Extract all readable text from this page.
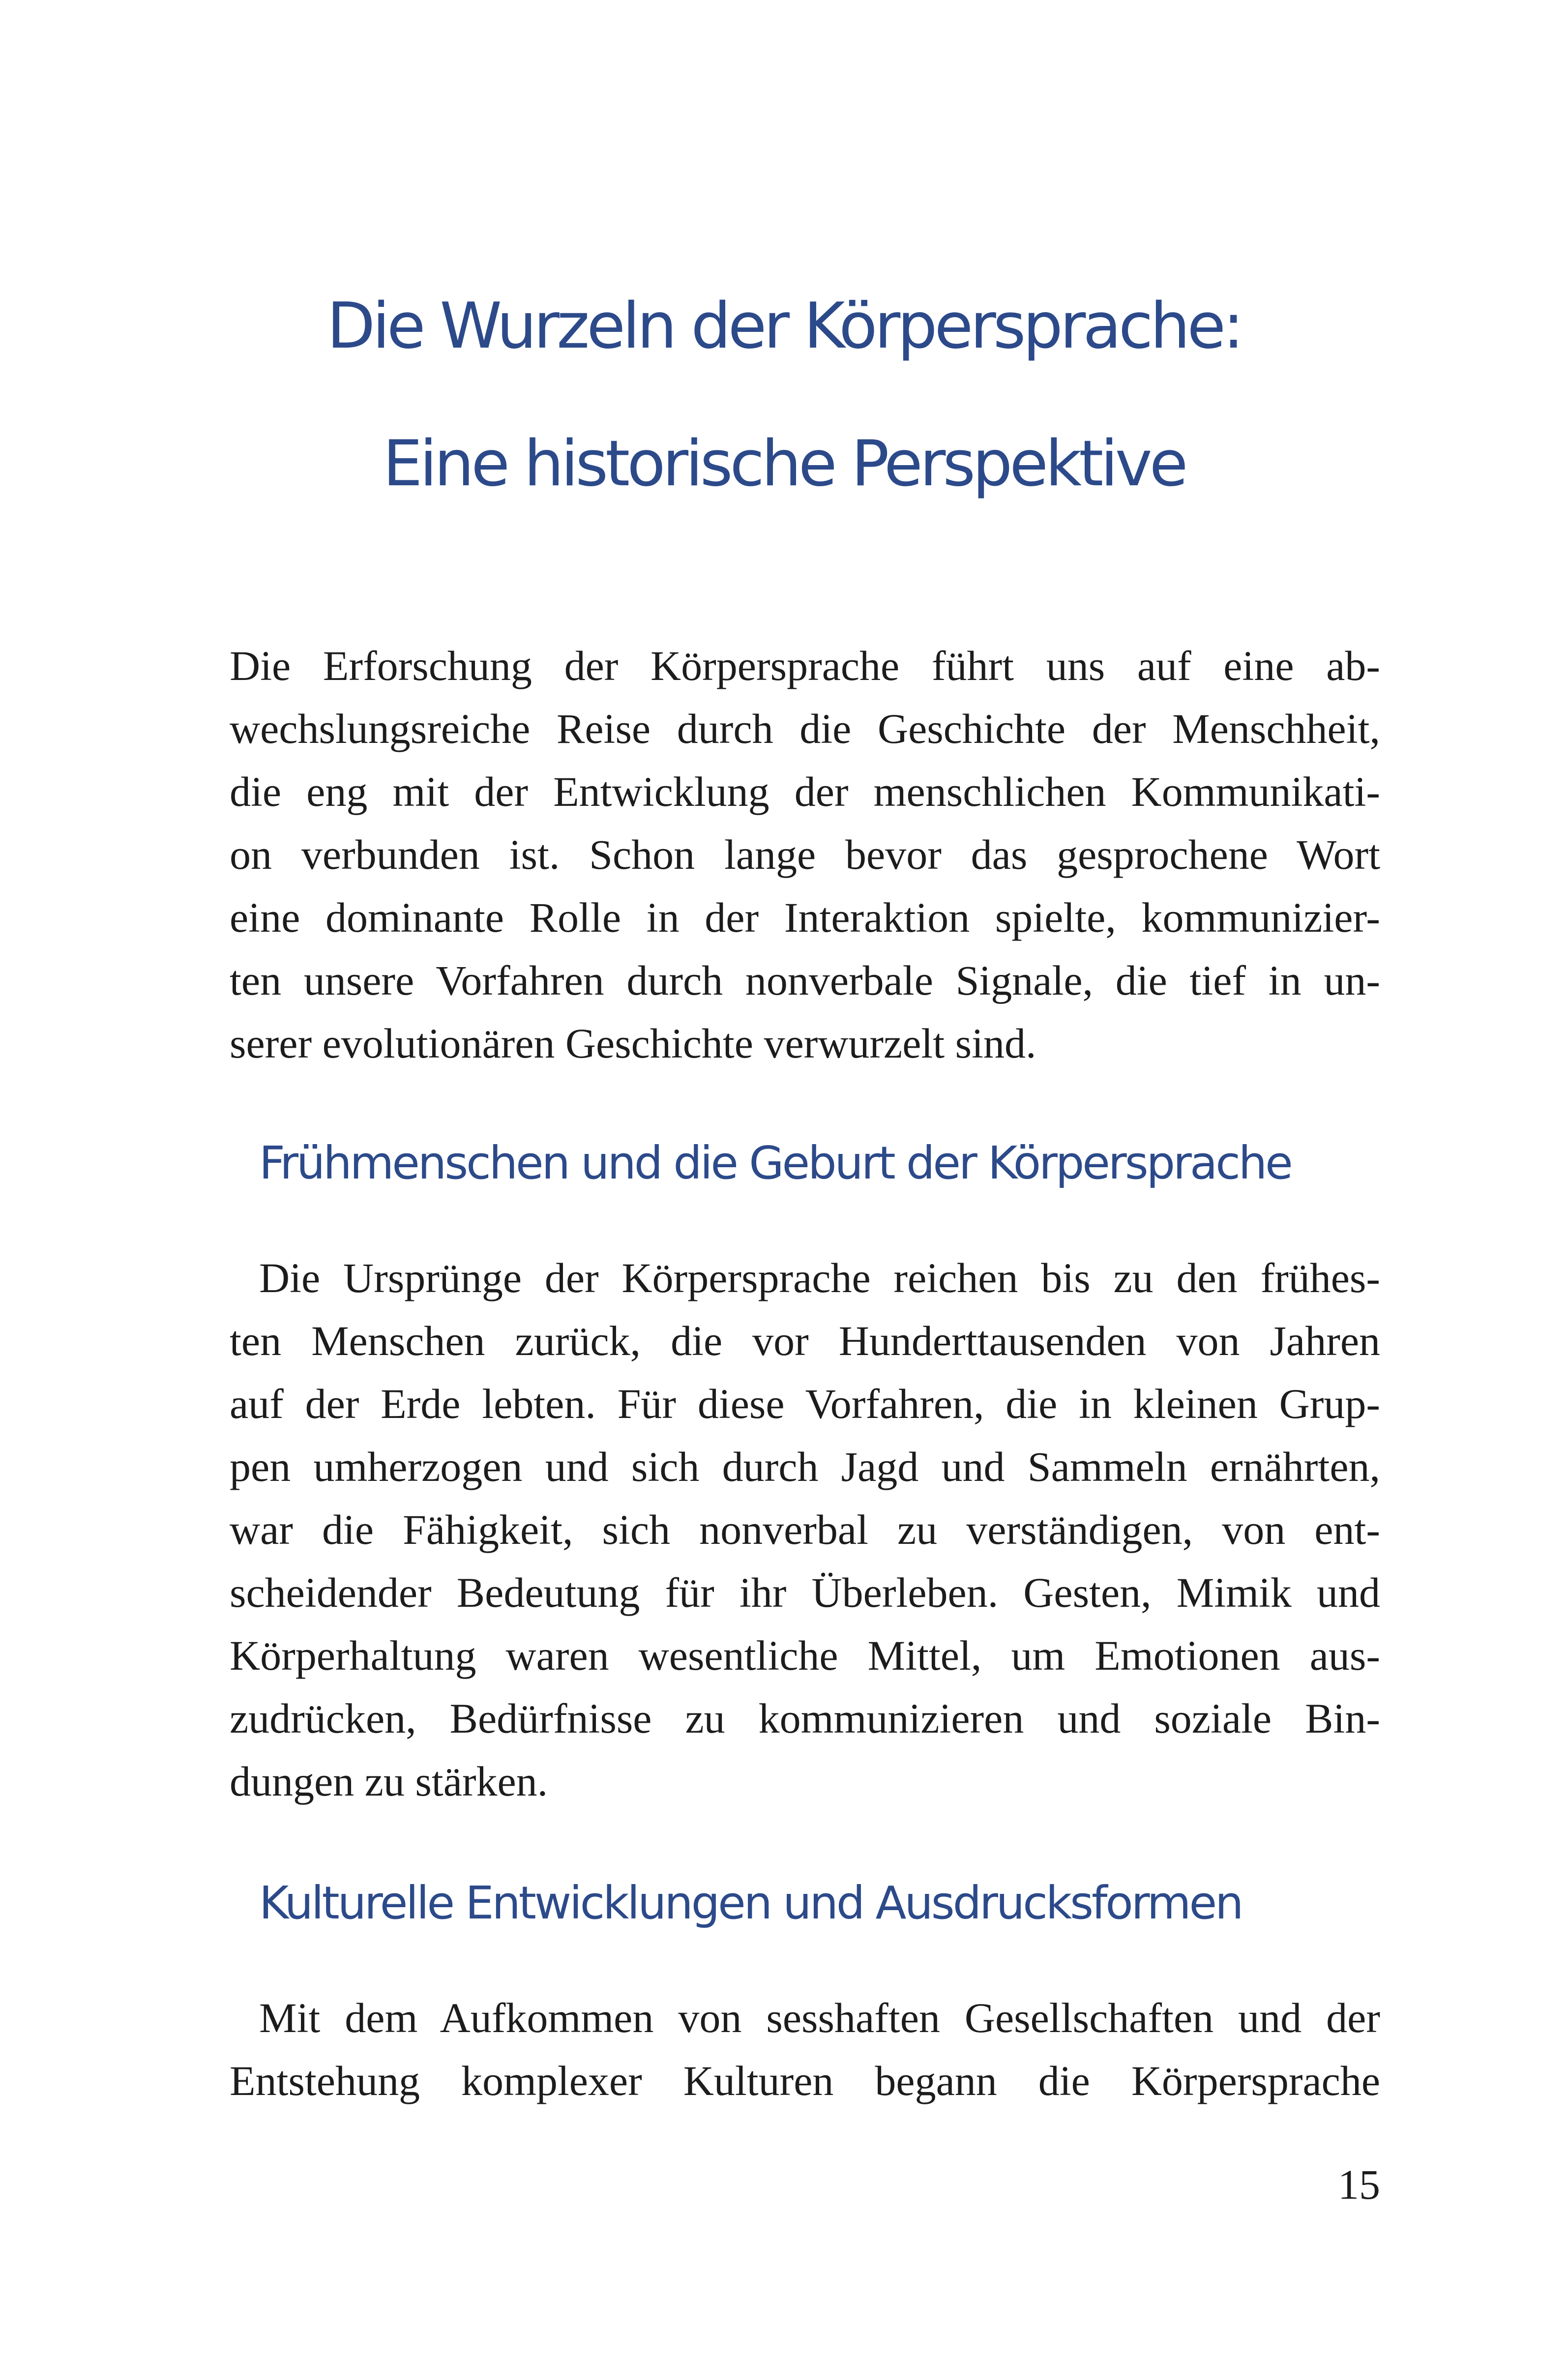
Die Wurzeln der Körpersprache:
Eine historische Perspektive
Die Erforschung der Körpersprache führt uns auf eine ab-
wechslungsreiche Reise durch die Geschichte der Menschheit,
die eng mit der Entwicklung der menschlichen Kommunikati-
on verbunden ist. Schon lange bevor das gesprochene Wort
eine dominante Rolle in der Interaktion spielte, kommunizier-
ten unsere Vorfahren durch nonverbale Signale, die tief in un-
serer evolutionären Geschichte verwurzelt sind.
Frühmenschen und die Geburt der Körpersprache
Die Ursprünge der Körpersprache reichen bis zu den frühes-
ten Menschen zurück, die vor Hunderttausenden von Jahren
auf der Erde lebten. Für diese Vorfahren, die in kleinen Grup-
pen umherzogen und sich durch Jagd und Sammeln ernährten,
war die Fähigkeit, sich nonverbal zu verständigen, von ent-
scheidender Bedeutung für ihr Überleben. Gesten, Mimik und
Körperhaltung waren wesentliche Mittel, um Emotionen aus-
zudrücken, Bedürfnisse zu kommunizieren und soziale Bin-
dungen zu stärken.
Kulturelle Entwicklungen und Ausdrucksformen
Mit dem Aufkommen von sesshaften Gesellschaften und der
Entstehung komplexer Kulturen begann die Körpersprache
15
